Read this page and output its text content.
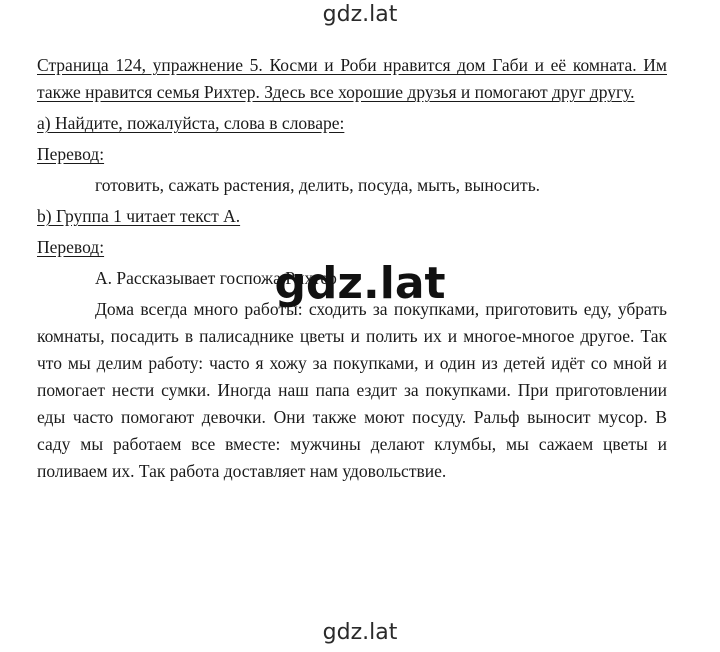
gdz.lat

Страница 124, упражнение 5. Косми и Роби нравится дом Габи и её комната. Им также нравится семья Рихтер. Здесь все хорошие друзья и помогают друг другу.

a) Найдите, пожалуйста, слова в словаре:

Перевод:

готовить, сажать растения, делить, посуда, мыть, выносить.

b) Группа 1 читает текст А.

Перевод:

А. Рассказывает госпожа Рихтер

Дома всегда много работы: сходить за покупками, приготовить еду, убрать комнаты, посадить в палисаднике цветы и полить их и многое-многое другое. Так что мы делим работу: часто я хожу за покупками, и один из детей идёт со мной и помогает нести сумки. Иногда наш папа ездит за покупками. При приготовлении еды часто помогают девочки. Они также моют посуду. Ральф выносит мусор. В саду мы работаем все вместе: мужчины делают клумбы, мы сажаем цветы и поливаем их. Так работа доставляет нам удовольствие.

gdz.lat
gdz.lat
